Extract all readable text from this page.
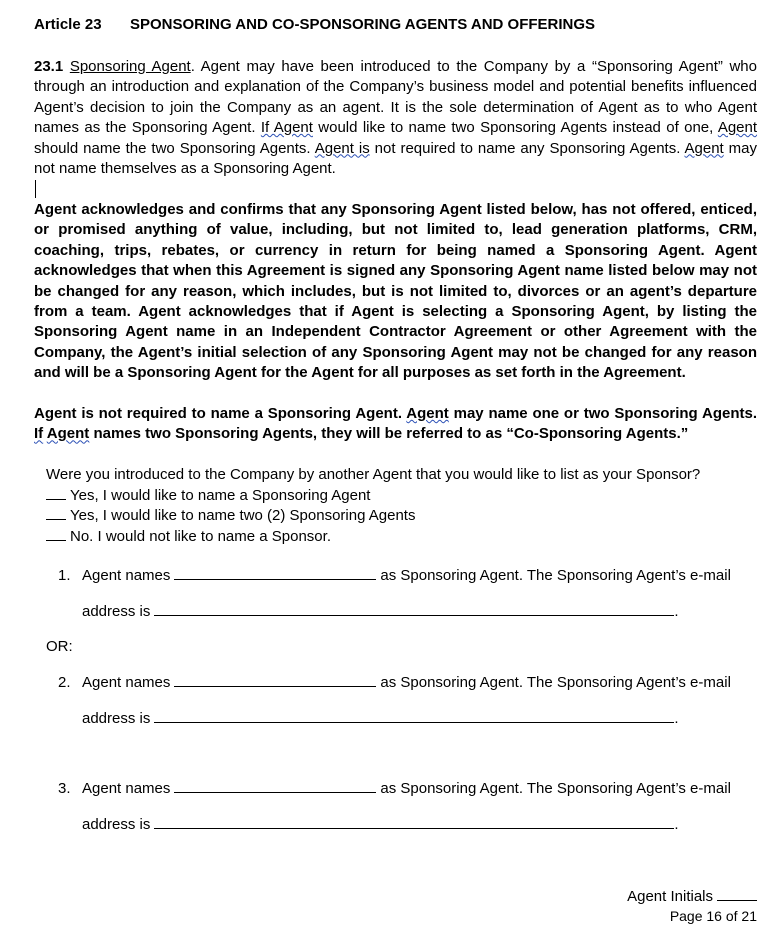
Article 23 SPONSORING AND CO-SPONSORING AGENTS AND OFFERINGS
23.1 Sponsoring Agent. Agent may have been introduced to the Company by a “Sponsoring Agent” who through an introduction and explanation of the Company’s business model and potential benefits influenced Agent’s decision to join the Company as an agent. It is the sole determination of Agent as to who Agent names as the Sponsoring Agent. If Agent would like to name two Sponsoring Agents instead of one, Agent should name the two Sponsoring Agents. Agent is not required to name any Sponsoring Agents. Agent may not name themselves as a Sponsoring Agent.
Agent acknowledges and confirms that any Sponsoring Agent listed below, has not offered, enticed, or promised anything of value, including, but not limited to, lead generation platforms, CRM, coaching, trips, rebates, or currency in return for being named a Sponsoring Agent. Agent acknowledges that when this Agreement is signed any Sponsoring Agent name listed below may not be changed for any reason, which includes, but is not limited to, divorces or an agent’s departure from a team. Agent acknowledges that if Agent is selecting a Sponsoring Agent, by listing the Sponsoring Agent name in an Independent Contractor Agreement or other Agreement with the Company, the Agent’s initial selection of any Sponsoring Agent may not be changed for any reason and will be a Sponsoring Agent for the Agent for all purposes as set forth in the Agreement.
Agent is not required to name a Sponsoring Agent. Agent may name one or two Sponsoring Agents. If Agent names two Sponsoring Agents, they will be referred to as “Co-Sponsoring Agents.”
Were you introduced to the Company by another Agent that you would like to list as your Sponsor?
Yes, I would like to name a Sponsoring Agent
Yes, I would like to name two (2) Sponsoring Agents
No. I would not like to name a Sponsor.
1. Agent names	as Sponsoring Agent. The Sponsoring Agent’s e-mail
address is	.
OR:
2. Agent names	as Sponsoring Agent. The Sponsoring Agent’s e-mail
address is	.
3. Agent names	as Sponsoring Agent. The Sponsoring Agent’s e-mail
address is	.
Agent Initials
Page 16 of 21
